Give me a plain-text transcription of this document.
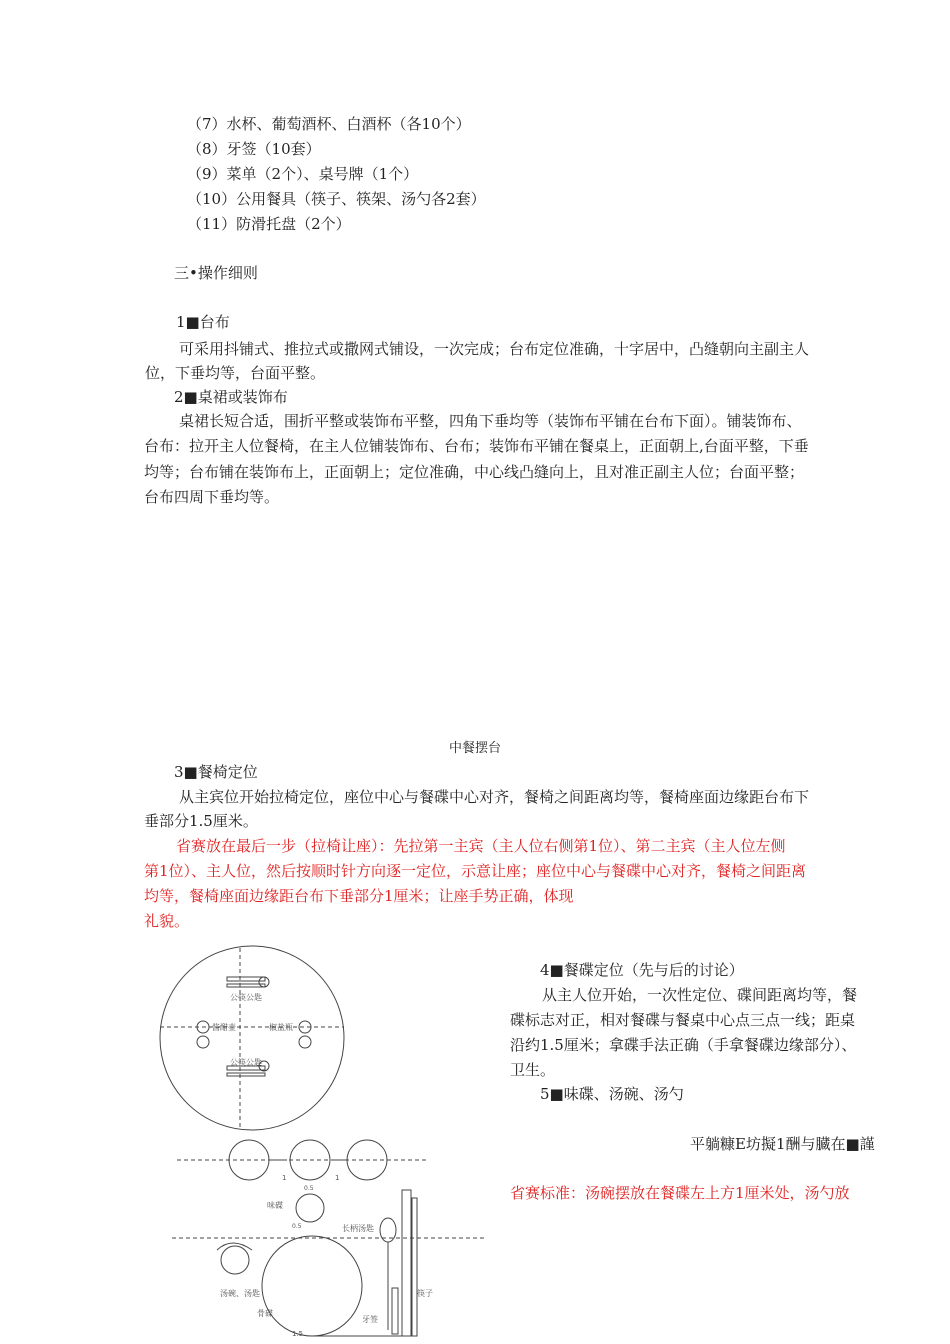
（7）水杯、葡萄酒杯、白酒杯（各10个）
（8）牙签（10套）
（9）菜单（2个）、桌号牌（1个）
（10）公用餐具（筷子、筷架、汤勺各2套）
（11）防滑托盘（2个）
三•操作细则
1■台布
可采用抖铺式、推拉式或撒网式铺设，一次完成；台布定位准确，十字居中，凸缝朝向主副主人
位，下垂均等，台面平整。
2■桌裙或装饰布
桌裙长短合适，围折平整或装饰布平整，四角下垂均等（装饰布平铺在台布下面）。铺装饰布、
台布：拉开主人位餐椅，在主人位铺装饰布、台布；装饰布平铺在餐桌上，正面朝上,台面平整，下垂
均等；台布铺在装饰布上，正面朝上；定位准确，中心线凸缝向上，且对准正副主人位；台面平整；
台布四周下垂均等。
中餐摆台
3■餐椅定位
从主宾位开始拉椅定位，座位中心与餐碟中心对齐，餐椅之间距离均等，餐椅座面边缘距台布下
垂部分1.5厘米。
省赛放在最后一步（拉椅让座）：先拉第一主宾（主人位右侧第1位）、第二主宾（主人位左侧
第1位）、主人位，然后按顺时针方向逐一定位，示意让座；座位中心与餐碟中心对齐，餐椅之间距离
均等，餐椅座面边缘距台布下垂部分1厘米；让座手势正确，体现
礼貌。
公筷公匙
酱醋壶	椒盐瓶
公筷公匙
1	1
0.5
味碟
0.5	长柄汤匙
汤碗、汤匙
骨碟
牙签
筷子
1.5
4■餐碟定位（先与后的讨论）
从主人位开始，一次性定位、碟间距离均等，餐
碟标志对正，相对餐碟与餐桌中心点三点一线；距桌
沿约1.5厘米；拿碟手法正确（手拿餐碟边缘部分）、
卫生。
5■味碟、汤碗、汤勺
平躺糠E坊擬1酬与臓在■謹
省赛标准：汤碗摆放在餐碟左上方1厘米处，汤勺放
